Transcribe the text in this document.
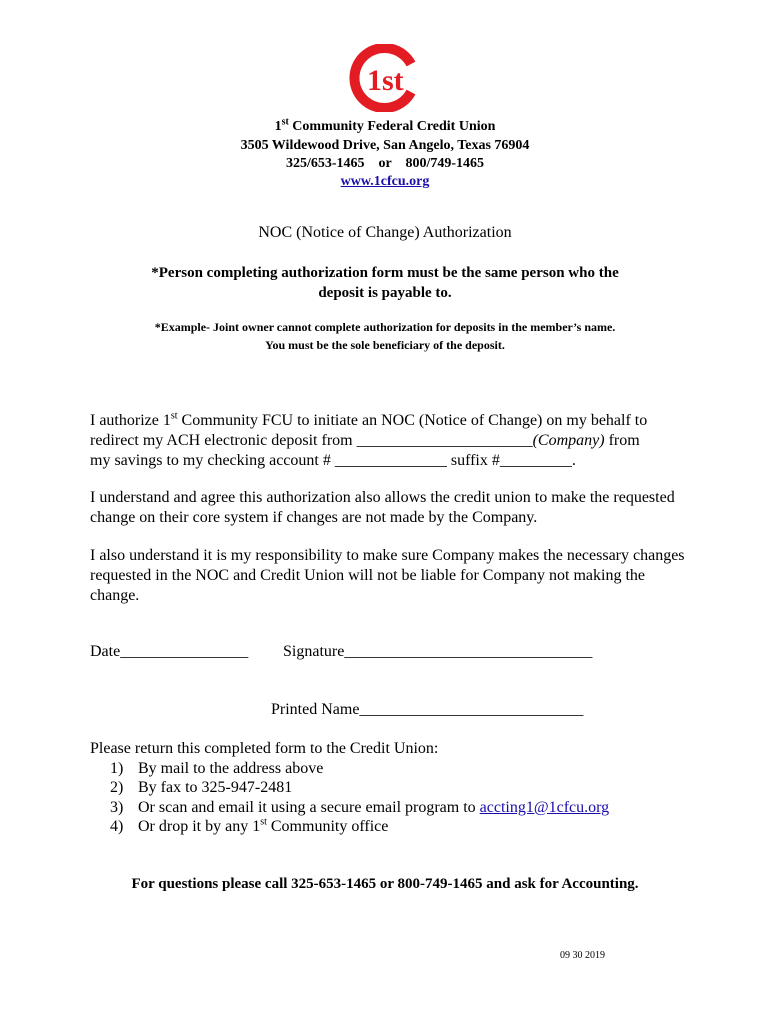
1st
1st Community Federal Credit Union
3505 Wildewood Drive, San Angelo, Texas 76904
325/653-1465    or    800/749-1465
www.1cfcu.org
NOC (Notice of Change) Authorization
*Person completing authorization form must be the same person who the
deposit is payable to.
*Example- Joint owner cannot complete authorization for deposits in the member’s name.
You must be the sole beneficiary of the deposit.
I authorize 1st Community FCU to initiate an NOC (Notice of Change) on my behalf to
redirect my ACH electronic deposit from ______________________(Company) from
my savings to my checking account # ______________ suffix #_________.
I understand and agree this authorization also allows the credit union to make the requested change on their core system if changes are not made by the Company.
I also understand it is my responsibility to make sure Company makes the necessary changes requested in the NOC and Credit Union will not be liable for Company not making the change.
Date________________ Signature_______________________________
Printed Name____________________________
Please return this completed form to the Credit Union:
1) By mail to the address above
2) By fax to 325-947-2481
3) Or scan and email it using a secure email program to accting1@1cfcu.org
4) Or drop it by any 1st Community office
For questions please call 325-653-1465 or 800-749-1465 and ask for Accounting.
09 30 2019
